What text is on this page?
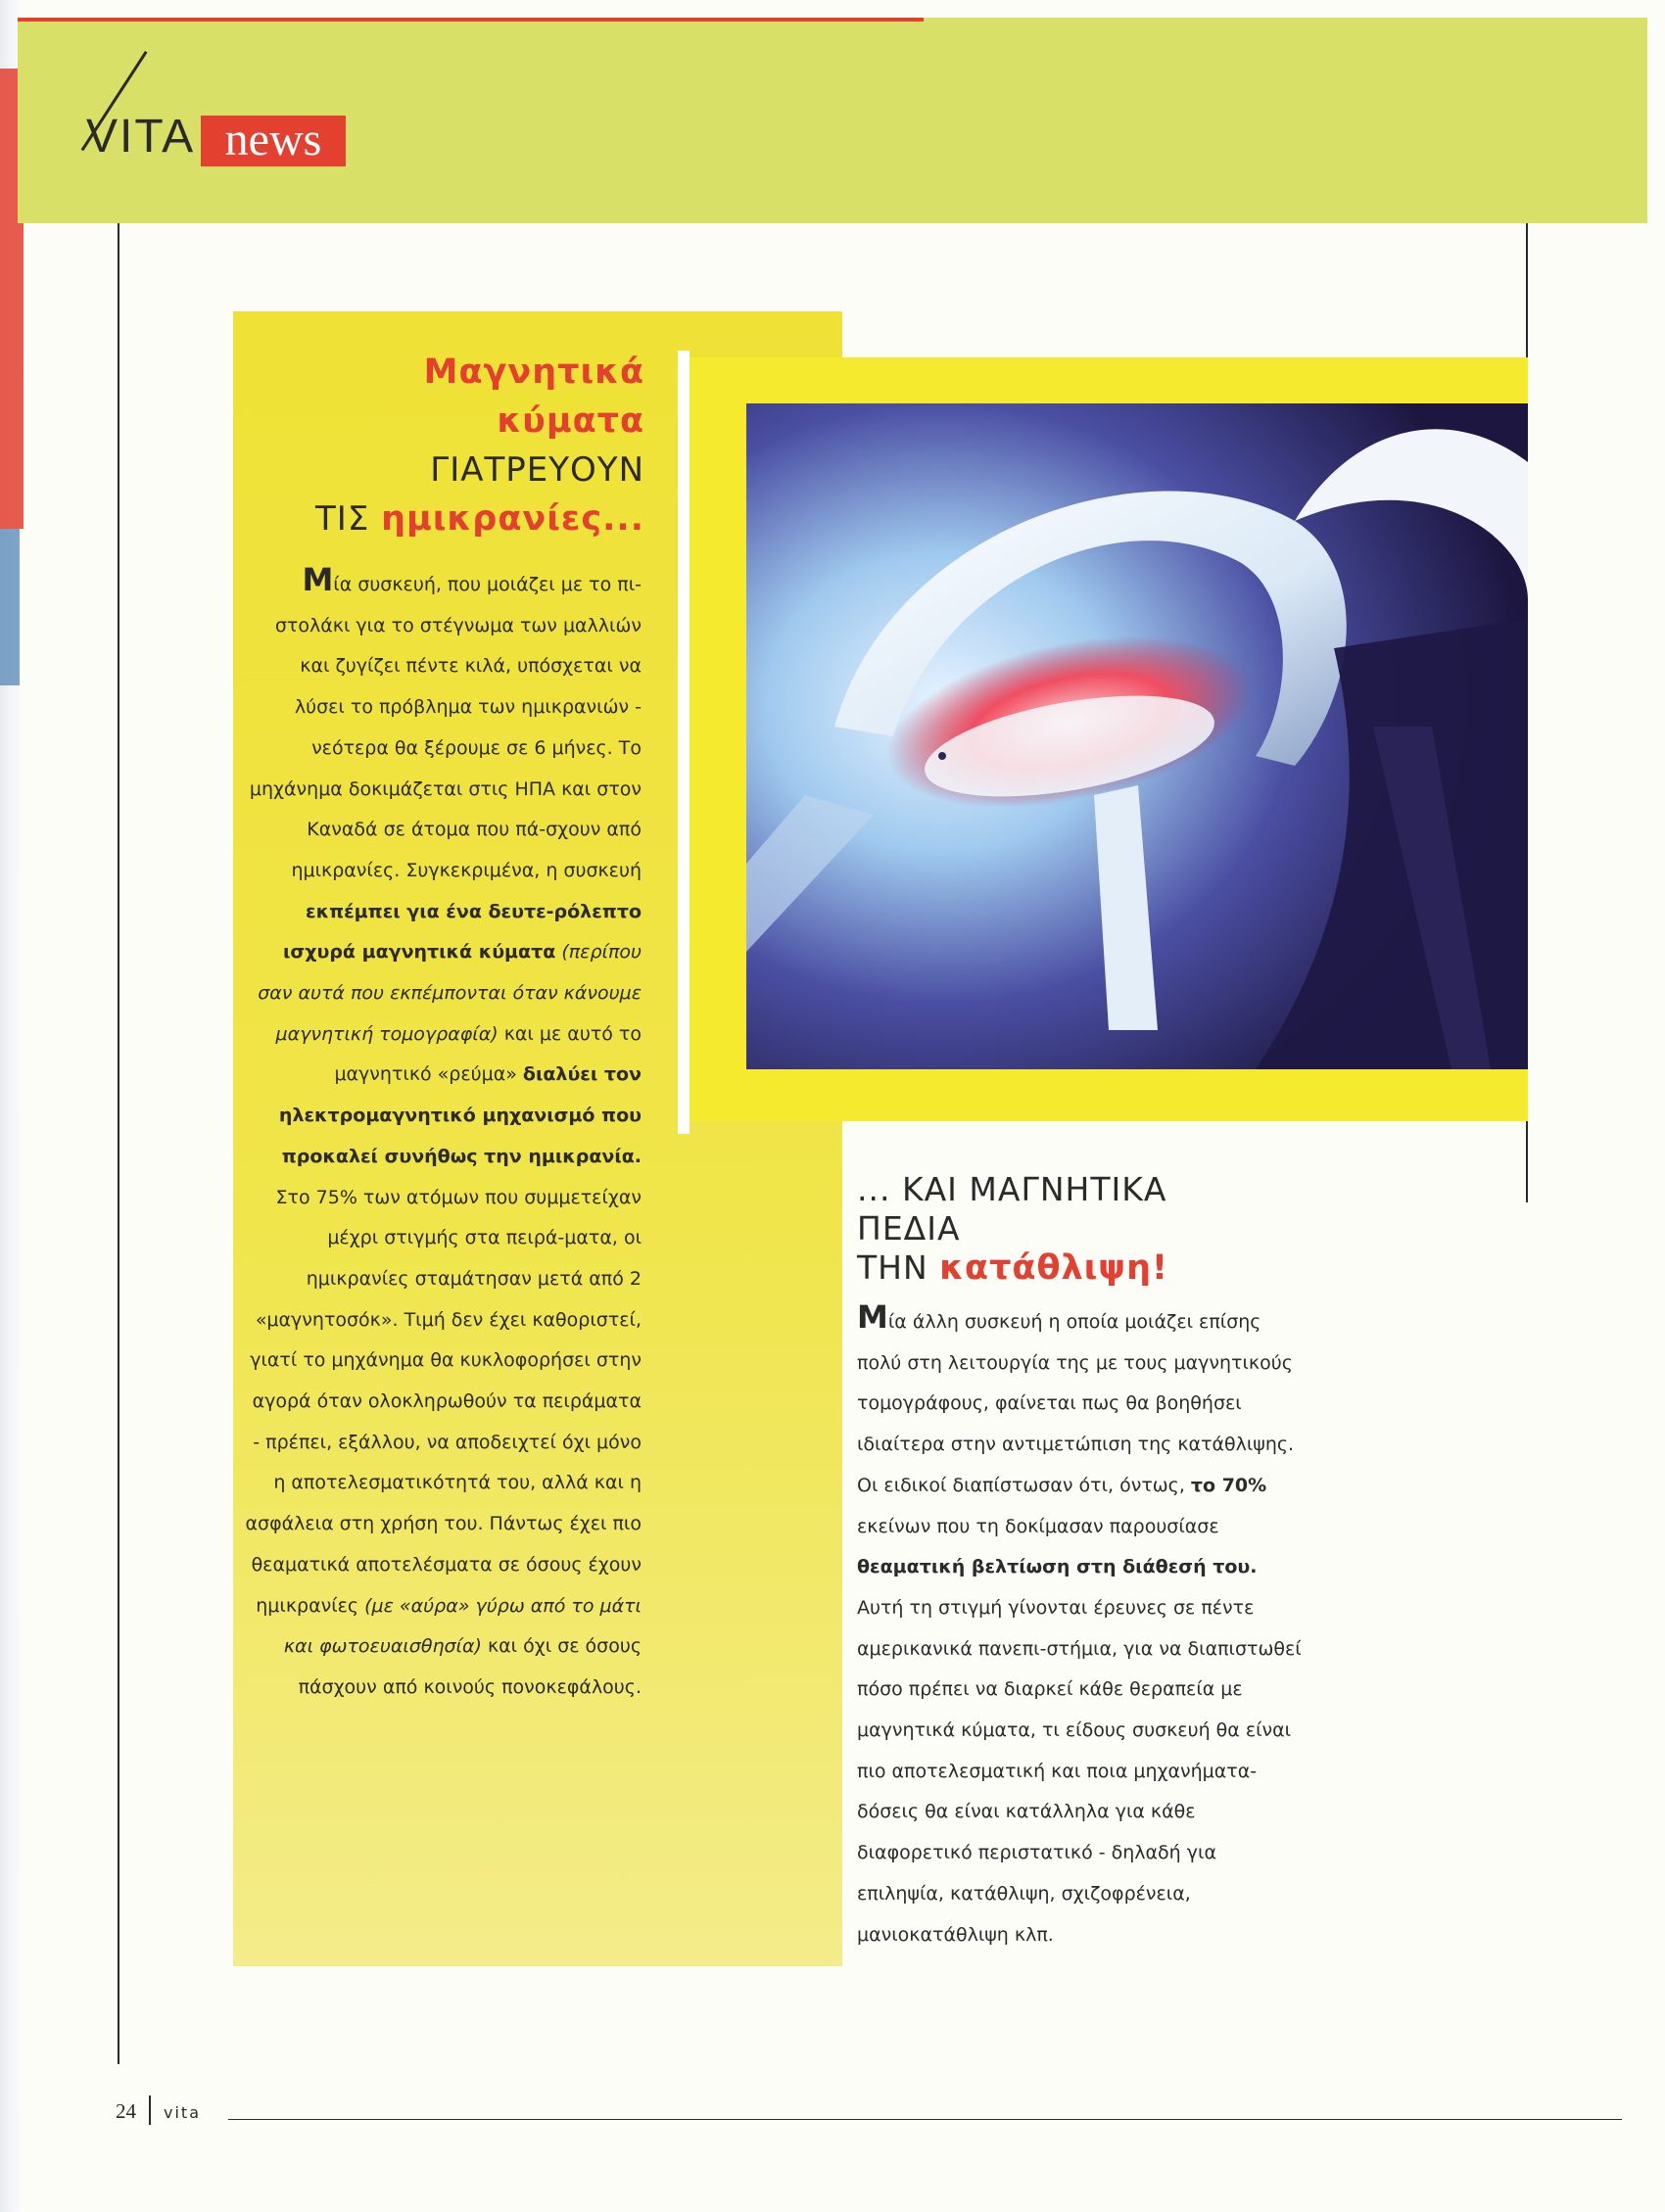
VITA news
Μαγνητικά
κύματα
ΓΙΑΤΡΕΥΟΥΝ
ΤΙΣ ημικρανίες...

Μία συσκευή, που μοιάζει με το πι-στολάκι για το στέγνωμα των μαλλιών και ζυγίζει πέντε κιλά, υπόσχεται να λύσει το πρόβλημα των ημικρανιών - νεότερα θα ξέρουμε σε 6 μήνες. Το μηχάνημα δοκιμάζεται στις ΗΠΑ και στον Καναδά σε άτομα που πά-σχουν από ημικρανίες. Συγκεκριμένα, η συσκευή εκπέμπει για ένα δευτε-ρόλεπτο ισχυρά μαγνητικά κύματα (περίπου σαν αυτά που εκπέμπονται όταν κάνουμε μαγνητική τομογραφία) και με αυτό το μαγνητικό «ρεύμα» διαλύει τον ηλεκτρομαγνητικό μηχανισμό που προκαλεί συνήθως την ημικρανία. Στο 75% των ατόμων που συμμετείχαν μέχρι στιγμής στα πειρά-ματα, οι ημικρανίες σταμάτησαν μετά από 2 «μαγνητοσόκ». Τιμή δεν έχει καθοριστεί, γιατί το μηχάνημα θα κυκλοφορήσει στην αγορά όταν ολοκληρωθούν τα πειράματα - πρέπει, εξάλλου, να αποδειχτεί όχι μόνο η αποτελεσματικότητά του, αλλά και η ασφάλεια στη χρήση του. Πάντως έχει πιο θεαματικά αποτελέσματα σε όσους έχουν ημικρανίες (με «αύρα» γύρω από το μάτι και φωτοευαισθησία) και όχι σε όσους πάσχουν από κοινούς πονοκεφάλους.

... ΚΑΙ ΜΑΓΝΗΤΙΚΑ
ΠΕΔΙΑ
ΤΗΝ κατάθλιψη!

Μία άλλη συσκευή η οποία μοιάζει επίσης πολύ στη λειτουργία της με τους μαγνητικούς τομογράφους, φαίνεται πως θα βοηθήσει ιδιαίτερα στην αντιμετώπιση της κατάθλιψης. Οι ειδικοί διαπίστωσαν ότι, όντως, το 70% εκείνων που τη δοκίμασαν παρουσίασε θεαματική βελτίωση στη διάθεσή του. Αυτή τη στιγμή γίνονται έρευνες σε πέντε αμερικανικά πανεπι-στήμια, για να διαπιστωθεί πόσο πρέπει να διαρκεί κάθε θεραπεία με μαγνητικά κύματα, τι είδους συσκευή θα είναι πιο αποτελεσματική και ποια μηχανήματα-δόσεις θα είναι κατάλληλα για κάθε διαφορετικό περιστατικό - δηλαδή για επιληψία, κατάθλιψη, σχιζοφρένεια, μανιοκατάθλιψη κλπ.

24 vita
